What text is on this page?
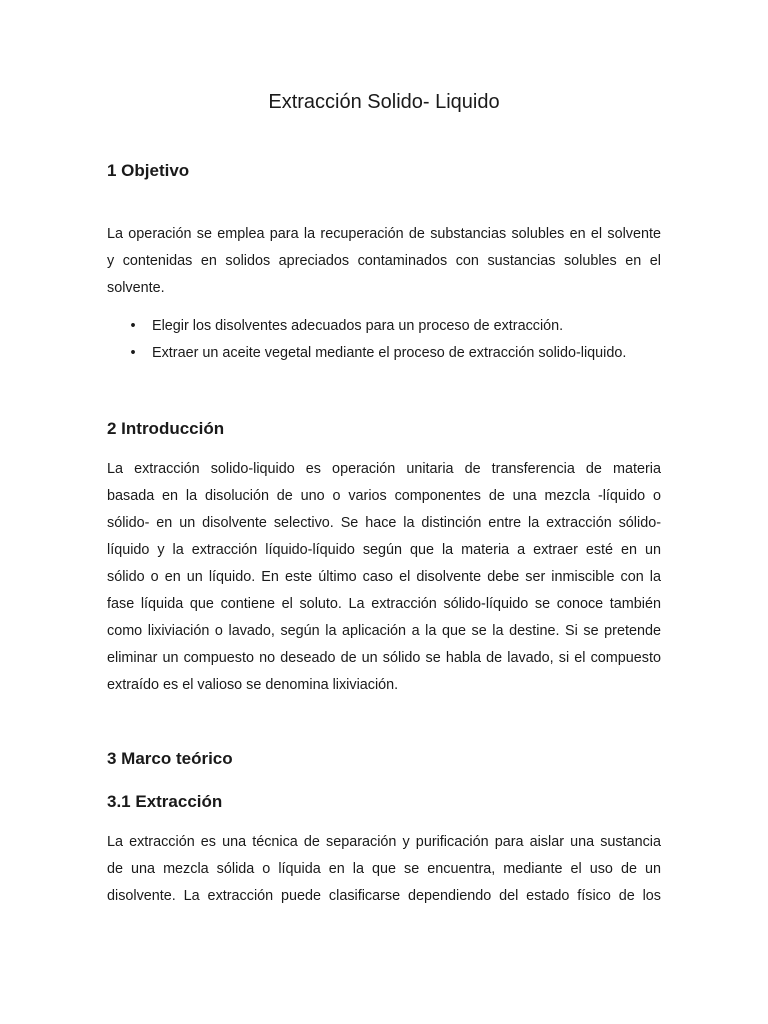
Extracción Solido- Liquido
1 Objetivo

La operación se emplea para la recuperación de substancias solubles en el solvente
y contenidas en solidos apreciados contaminados con sustancias solubles en el
solvente.

• Elegir los disolventes adecuados para un proceso de extracción.
• Extraer un aceite vegetal mediante el proceso de extracción solido-liquido.
2 Introducción

La extracción solido-liquido es operación unitaria de transferencia de materia
basada en la disolución de uno o varios componentes de una mezcla -líquido o
sólido- en un disolvente selectivo. Se hace la distinción entre la extracción sólido-
líquido y la extracción líquido-líquido según que la materia a extraer esté en un
sólido o en un líquido. En este último caso el disolvente debe ser inmiscible con la
fase líquida que contiene el soluto. La extracción sólido-líquido se conoce también
como lixiviación o lavado, según la aplicación a la que se la destine. Si se pretende
eliminar un compuesto no deseado de un sólido se habla de lavado, si el compuesto
extraído es el valioso se denomina lixiviación.

3 Marco teórico
3.1 Extracción

La extracción es una técnica de separación y purificación para aislar una sustancia
de una mezcla sólida o líquida en la que se encuentra, mediante el uso de un
disolvente. La extracción puede clasificarse dependiendo del estado físico de los
